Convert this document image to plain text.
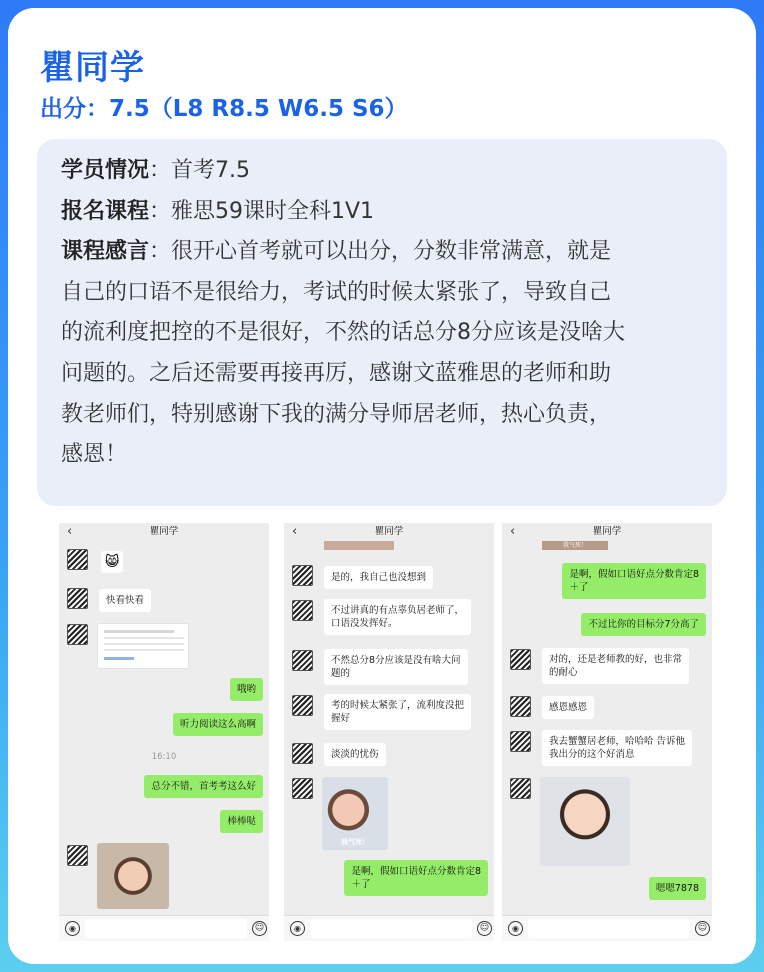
瞿同学
出分：7.5（L8 R8.5 W6.5 S6）

学员情况：首考7.5

报名课程：雅思59课时全科1V1

课程感言：很开心首考就可以出分，分数非常满意，就是

自己的口语不是很给力，考试的时候太紧张了，导致自己

的流利度把控的不是很好，不然的话总分8分应该是没啥大

问题的。之后还需要再接再厉，感谢文蓝雅思的老师和助

教老师们，特别感谢下我的满分导师居老师，热心负责，

感恩！

瞿同学
‹
😸
快看快看
哦哟
听力阅读这么高啊
16:10
总分不错，首考考这么好
棒棒哒
◉	☺
瞿同学
‹
是的，我自己也没想到
不过讲真的有点辜负居老师了，
口语没发挥好。
不然总分8分应该是没有啥大问
题的
考的时候太紧张了，流利度没把
握好
淡淡的忧伤
我气死！
是啊，假如口语好点分数肯定8
＋了
◉	☺
瞿同学
‹
我气死！
是啊，假如口语好点分数肯定8
＋了
不过比你的目标分7分高了
对的，还是老师教的好，也非常
的耐心
感恩感恩
我去蟹蟹居老师，哈哈哈 告诉他
我出分的这个好消息
嗯嗯7878
◉	☺
